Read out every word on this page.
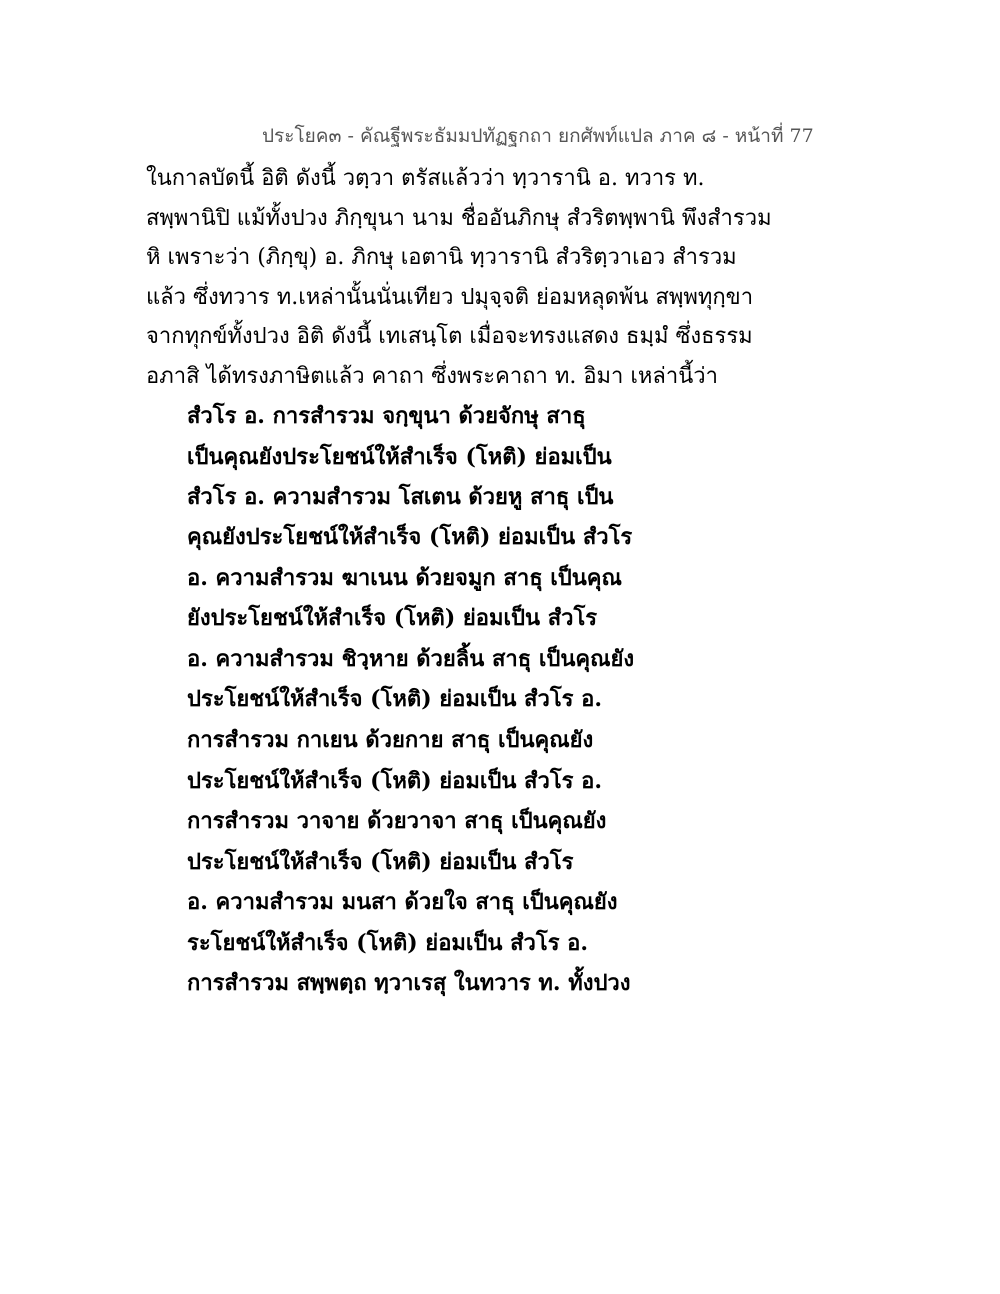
ประโยค๓ - คัณฐีพระธัมมปทัฏฐกถา ยกศัพท์แปล ภาค ๘ - หน้าที่ 77
ในกาลบัดนี้ อิติ ดังนี้ วตฺวา ตรัสแล้วว่า ทฺวารานิ อ. ทวาร ท.
สพฺพานิปิ แม้ทั้งปวง ภิกฺขุนา นาม ชื่ออันภิกษุ สํวริตพฺพานิ พึงสำรวม
หิ เพราะว่า (ภิกฺขุ) อ. ภิกษุ เอตานิ ทฺวารานิ สํวริตฺวาเอว สำรวม
แล้ว ซึ่งทวาร ท.เหล่านั้นนั่นเทียว ปมุจฺจติ ย่อมหลุดพ้น สพฺพทุกฺขา
จากทุกข์ทั้งปวง อิติ ดังนี้ เทเสนฺโต เมื่อจะทรงแสดง ธมฺมํ ซึ่งธรรม
อภาสิ ได้ทรงภาษิตแล้ว คาถา ซึ่งพระคาถา ท. อิมา เหล่านี้ว่า
สํวโร อ. การสำรวม จกฺขุนา ด้วยจักษุ สาธุ
เป็นคุณยังประโยชน์ให้สำเร็จ (โหติ) ย่อมเป็น
สํวโร อ. ความสำรวม โสเตน ด้วยหู สาธุ เป็น
คุณยังประโยชน์ให้สำเร็จ (โหติ) ย่อมเป็น สํวโร
อ. ความสำรวม ฆาเนน ด้วยจมูก สาธุ เป็นคุณ
ยังประโยชน์ให้สำเร็จ (โหติ) ย่อมเป็น สํวโร
อ. ความสำรวม ชิวฺหาย ด้วยลิ้น สาธุ เป็นคุณยัง
ประโยชน์ให้สำเร็จ (โหติ) ย่อมเป็น สํวโร อ.
การสำรวม กาเยน ด้วยกาย สาธุ เป็นคุณยัง
ประโยชน์ให้สำเร็จ (โหติ) ย่อมเป็น สํวโร อ.
การสำรวม วาจาย ด้วยวาจา สาธุ เป็นคุณยัง
ประโยชน์ให้สำเร็จ (โหติ) ย่อมเป็น สํวโร
อ. ความสำรวม มนสา ด้วยใจ สาธุ เป็นคุณยัง
ระโยชน์ให้สำเร็จ (โหติ) ย่อมเป็น สํวโร อ.
การสำรวม สพฺพตฺถ ทฺวาเรสุ ในทวาร ท. ทั้งปวง
